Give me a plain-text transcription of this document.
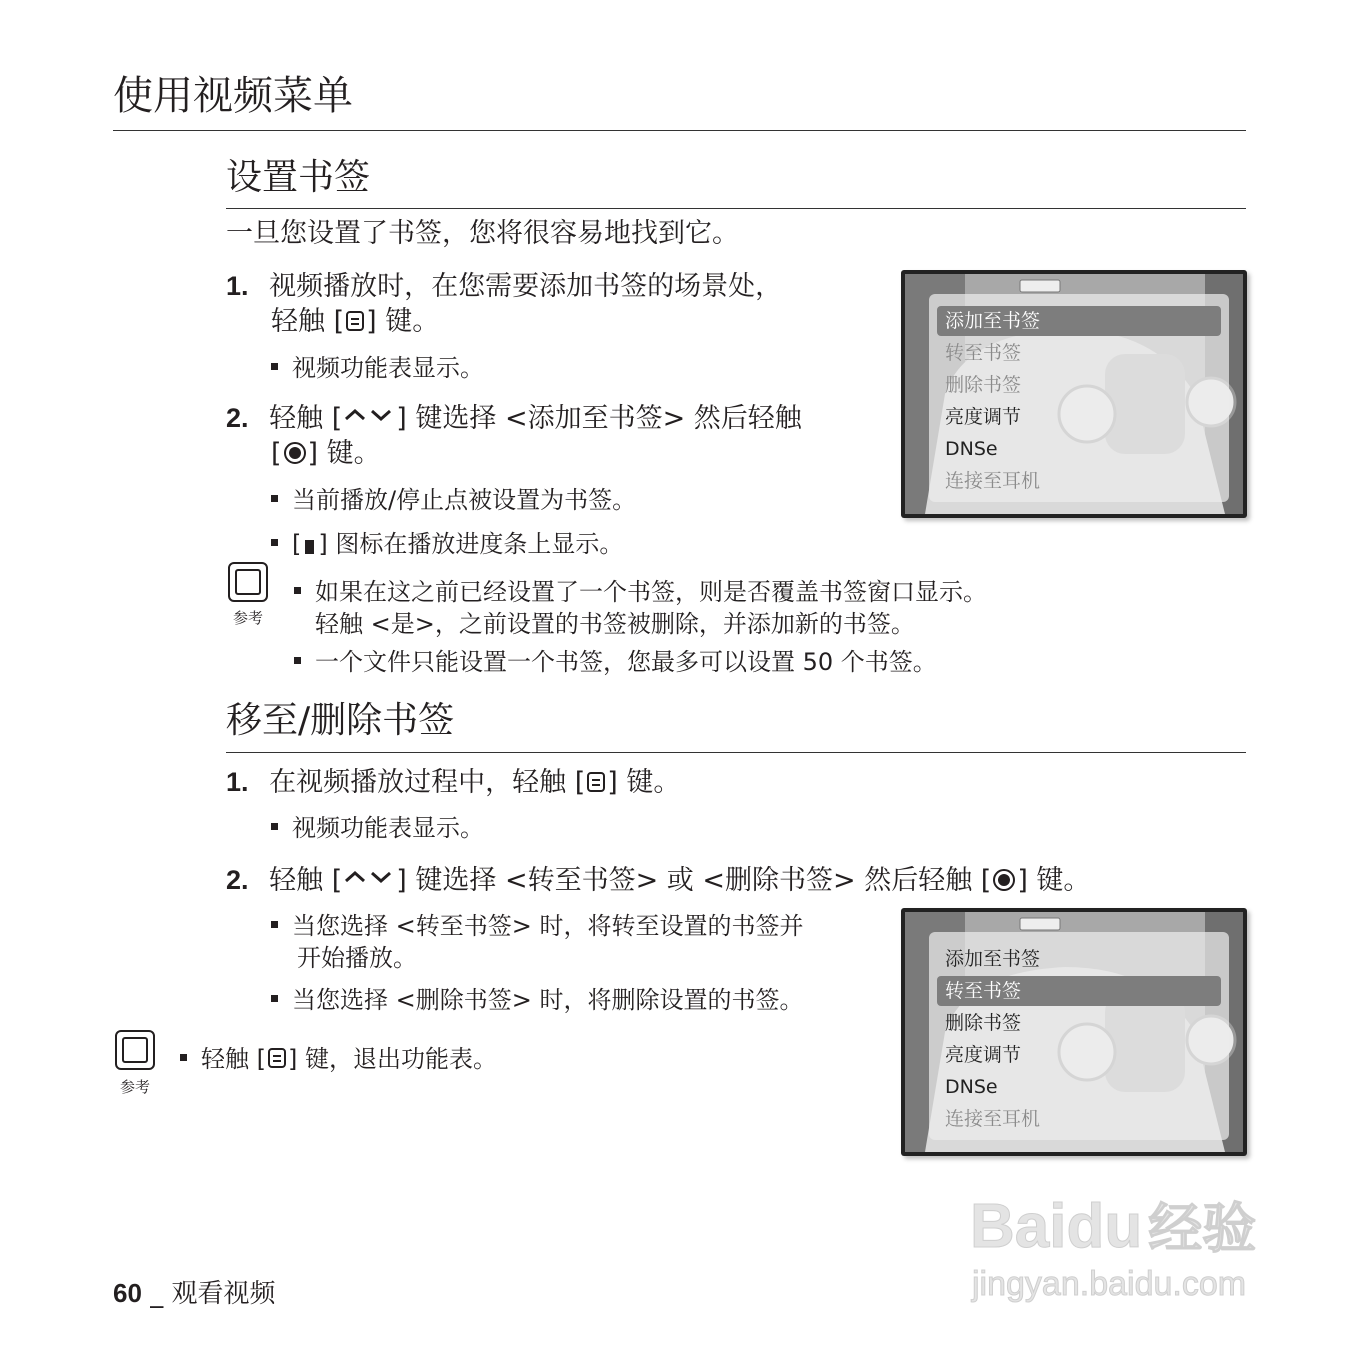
使用视频菜单
设置书签
一旦您设置了书签，您将很容易地找到它。
1. 视频播放时，在您需要添加书签的场景处，
轻触 [ ] 键。
视频功能表显示。
2. 轻触 [ ] 键选择 <添加至书签> 然后轻触
[ ] 键。
当前播放/停止点被设置为书签。
[ ] 图标在播放进度条上显示。
参考
如果在这之前已经设置了一个书签，则是否覆盖书签窗口显示。
轻触 <是>，之前设置的书签被删除，并添加新的书签。
一个文件只能设置一个书签，您最多可以设置 50 个书签。
添加至书签
转至书签
删除书签
亮度调节
DNSe
连接至耳机
移至/删除书签
1. 在视频播放过程中，轻触 [ ] 键。
视频功能表显示。
2. 轻触 [ ] 键选择 <转至书签> 或 <删除书签> 然后轻触 [ ] 键。
当您选择 <转至书签> 时，将转至设置的书签并
开始播放。
当您选择 <删除书签> 时，将删除设置的书签。
参考
轻触 [ ] 键，退出功能表。
添加至书签
转至书签
删除书签
亮度调节
DNSe
连接至耳机
60 _ 观看视频
Baidu 经验
jingyan.baidu.com
